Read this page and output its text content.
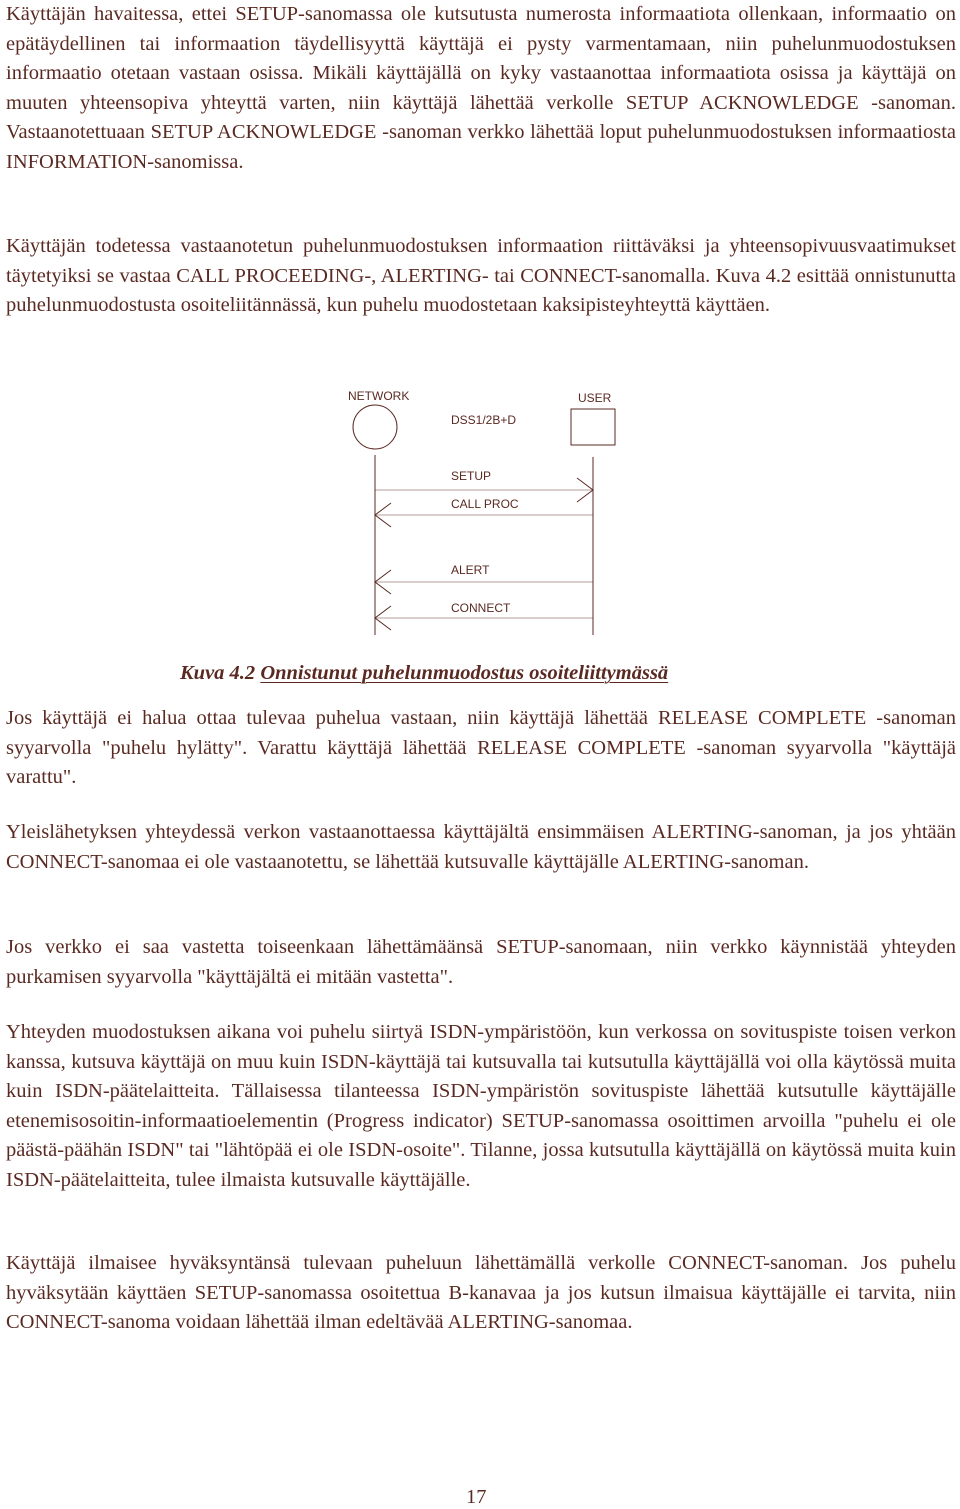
Käyttäjän havaitessa, ettei SETUP-sanomassa ole kutsutusta numerosta informaatiota ollenkaan, informaatio on epätäydellinen tai informaation täydellisyyttä käyttäjä ei pysty varmentamaan, niin puhelunmuodostuksen informaatio otetaan vastaan osissa. Mikäli käyttäjällä on kyky vastaanottaa informaatiota osissa ja käyttäjä on muuten yhteensopiva yhteyttä varten, niin käyttäjä lähettää verkolle SETUP ACKNOWLEDGE -sanoman. Vastaanotettuaan SETUP ACKNOWLEDGE -sanoman verkko lähettää loput puhelunmuodostuksen informaatiosta INFORMATION-sanomissa.

Käyttäjän todetessa vastaanotetun puhelunmuodostuksen informaation riittäväksi ja yhteensopivuusvaatimukset täytetyiksi se vastaa CALL PROCEEDING-, ALERTING- tai CONNECT-sanomalla. Kuva 4.2 esittää onnistunutta puhelunmuodostusta osoiteliitännässä, kun puhelu muodostetaan kaksipisteyhteyttä käyttäen.

Jos käyttäjä ei halua ottaa tulevaa puhelua vastaan, niin käyttäjä lähettää RELEASE COMPLETE -sanoman syyarvolla "puhelu hylätty". Varattu käyttäjä lähettää RELEASE COMPLETE -sanoman syyarvolla "käyttäjä varattu".

Yleislähetyksen yhteydessä verkon vastaanottaessa käyttäjältä ensimmäisen ALERTING-sanoman, ja jos yhtään CONNECT-sanomaa ei ole vastaanotettu, se lähettää kutsuvalle käyttäjälle ALERTING-sanoman.

Jos verkko ei saa vastetta toiseenkaan lähettämäänsä SETUP-sanomaan, niin verkko käynnistää yhteyden purkamisen syyarvolla "käyttäjältä ei mitään vastetta".

Yhteyden muodostuksen aikana voi puhelu siirtyä ISDN-ympäristöön, kun verkossa on sovituspiste toisen verkon kanssa, kutsuva käyttäjä on muu kuin ISDN-käyttäjä tai kutsuvalla tai kutsutulla käyttäjällä voi olla käytössä muita kuin ISDN-päätelaitteita. Tällaisessa tilanteessa ISDN-ympäristön sovituspiste lähettää kutsutulle käyttäjälle etenemisosoitin-informaatioelementin (Progress indicator) SETUP-sanomassa osoittimen arvoilla "puhelu ei ole päästä-päähän ISDN" tai "lähtöpää ei ole ISDN-osoite". Tilanne, jossa kutsutulla käyttäjällä on käytössä muita kuin ISDN-päätelaitteita, tulee ilmaista kutsuvalle käyttäjälle.

Käyttäjä ilmaisee hyväksyntänsä tulevaan puheluun lähettämällä verkolle CONNECT-sanoman. Jos puhelu hyväksytään käyttäen SETUP-sanomassa osoitettua B-kanavaa ja jos kutsun ilmaisua käyttäjälle ei tarvita, niin CONNECT-sanoma voidaan lähettää ilman edeltävää ALERTING-sanomaa.

NETWORK	USER
DSS1/2B+D
SETUP
CALL PROC
ALERT
CONNECT

Kuva 4.2 Onnistunut puhelunmuodostus osoiteliittymässä

17
